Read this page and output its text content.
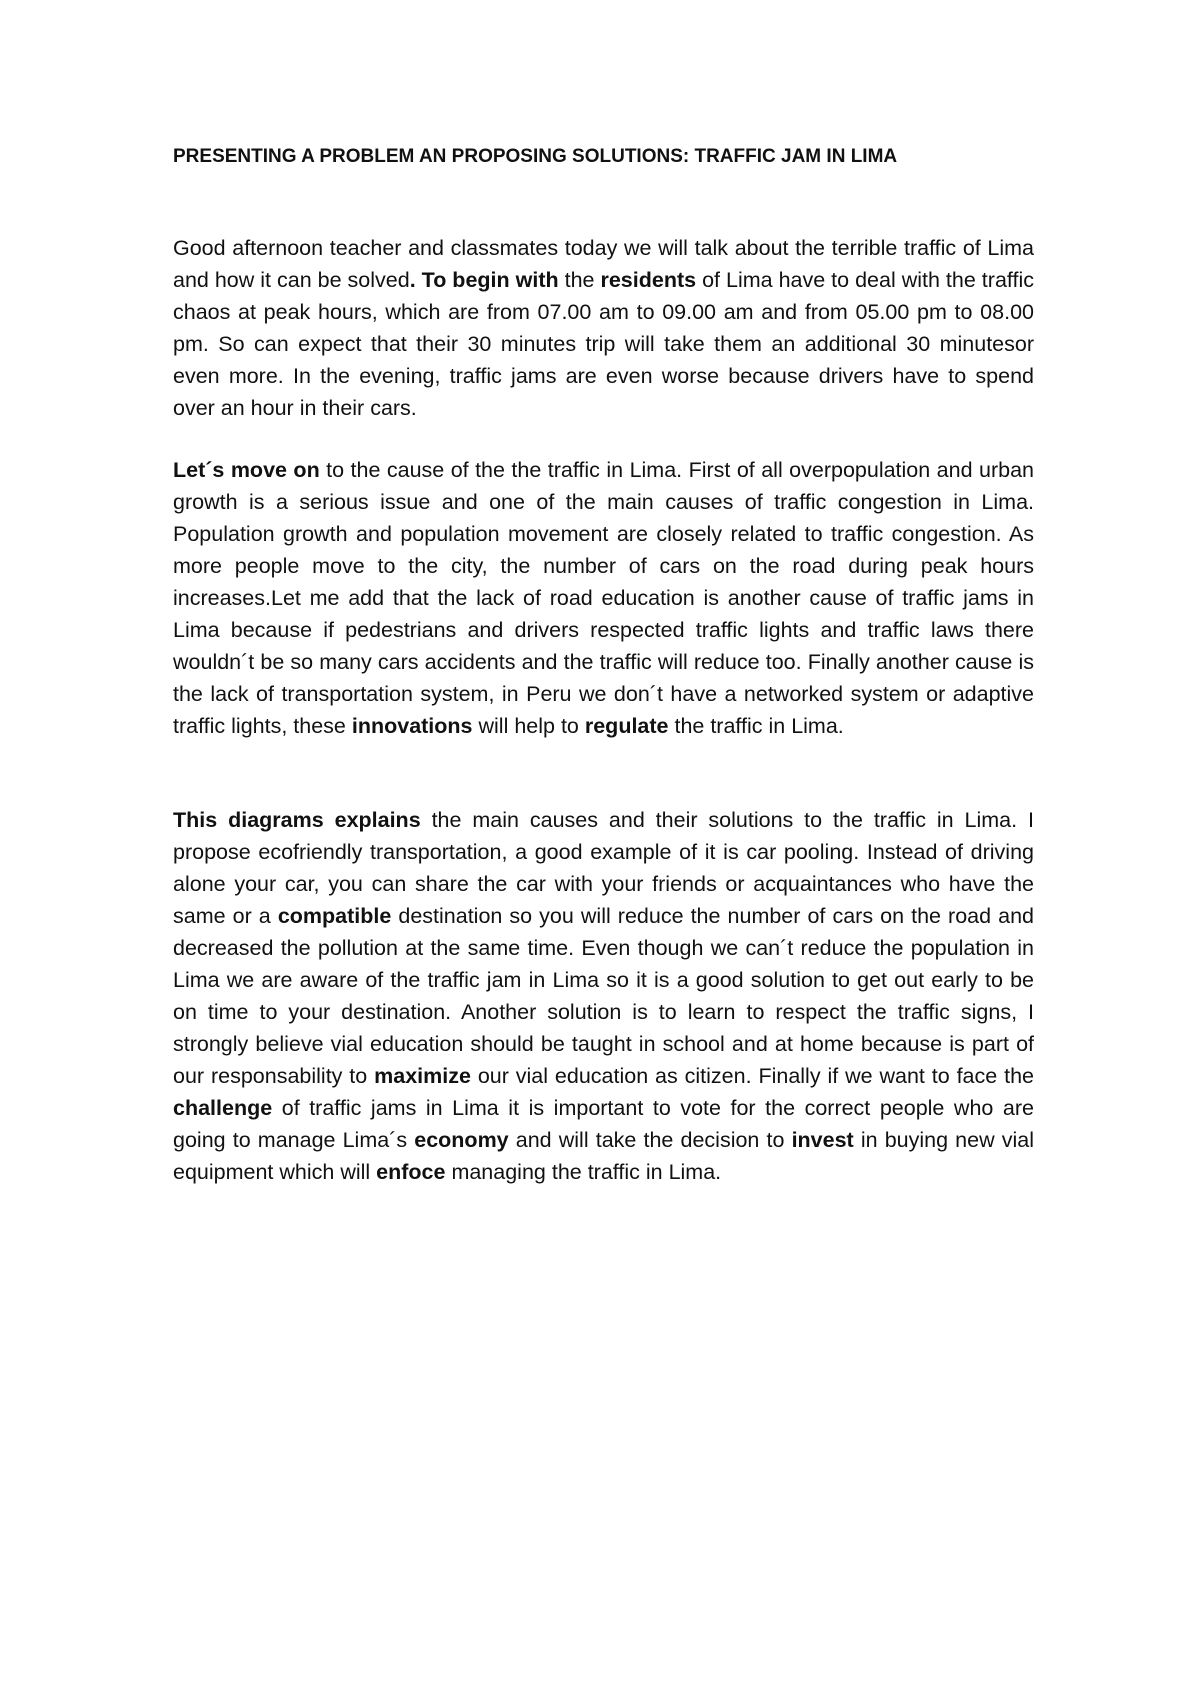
PRESENTING A PROBLEM AN PROPOSING SOLUTIONS: TRAFFIC JAM IN LIMA

Good afternoon teacher and classmates today we will talk about the terrible traffic of Lima and how it can be solved. To begin with the residents of Lima have to deal with the traffic chaos at peak hours, which are from 07.00 am to 09.00 am and from 05.00 pm to 08.00 pm. So can expect that their 30 minutes trip will take them an additional 30 minutesor even more. In the evening, traffic jams are even worse because drivers have to spend over an hour in their cars.

Let´s move on to the cause of the the traffic in Lima. First of all overpopulation and urban growth is a serious issue and one of the main causes of traffic congestion in Lima. Population growth and population movement are closely related to traffic congestion. As more people move to the city, the number of cars on the road during peak hours increases.Let me add that the lack of road education is another cause of traffic jams in Lima because if pedestrians and drivers respected traffic lights and traffic laws there wouldn´t be so many cars accidents and the traffic will reduce too. Finally another cause is the lack of transportation system, in Peru we don´t have a networked system or adaptive traffic lights, these innovations will help to regulate the traffic in Lima.

This diagrams explains the main causes and their solutions to the traffic in Lima. I propose ecofriendly transportation, a good example of it is car pooling. Instead of driving alone your car, you can share the car with your friends or acquaintances who have the same or a compatible destination so you will reduce the number of cars on the road and decreased the pollution at the same time. Even though we can´t reduce the population in Lima we are aware of the traffic jam in Lima so it is a good solution to get out early to be on time to your destination. Another solution is to learn to respect the traffic signs, I strongly believe vial education should be taught in school and at home because is part of our responsability to maximize our vial education as citizen. Finally if we want to face the challenge of traffic jams in Lima it is important to vote for the correct people who are going to manage Lima´s economy and will take the decision to invest in buying new vial equipment which will enfoce managing the traffic in Lima.
